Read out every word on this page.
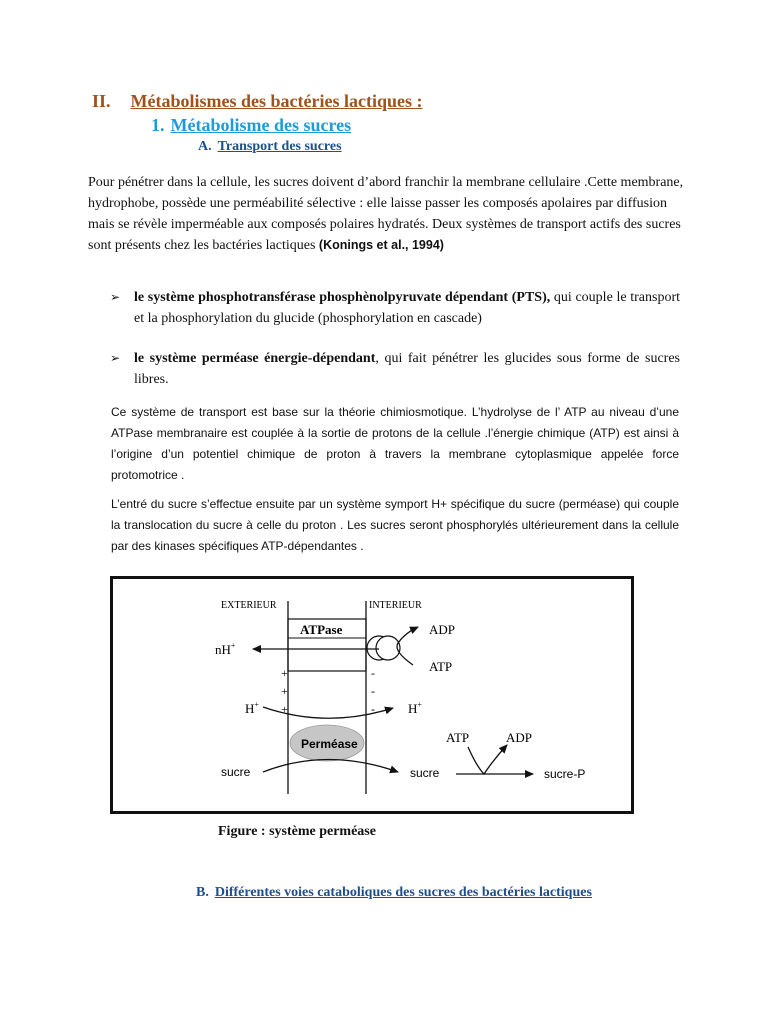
II. Métabolismes des bactéries lactiques :
1. Métabolisme des sucres
A. Transport des sucres
Pour pénétrer dans la cellule, les sucres doivent d’abord franchir la membrane cellulaire .Cette membrane, hydrophobe, possède une perméabilité sélective : elle laisse passer les composés apolaires par diffusion mais se révèle imperméable aux composés polaires hydratés. Deux systèmes de transport actifs des sucres sont présents chez les bactéries lactiques (Konings et al., 1994)
➢ le système phosphotransférase phosphènolpyruvate dépendant (PTS), qui couple le transport et la phosphorylation du glucide (phosphorylation en cascade)
➢ le système perméase énergie-dépendant, qui fait pénétrer les glucides sous forme de sucres libres.
Ce système de transport est base sur la théorie chimiosmotique. L’hydrolyse de l’ ATP au niveau d’une ATPase membranaire est couplée à la sortie de protons de la cellule .l’énergie chimique (ATP) est ainsi à l’origine d’un potentiel chimique de proton à travers la membrane cytoplasmique appelée force protomotrice .
L’entré du sucre s’effectue ensuite par un système symport H+ spécifique du sucre (perméase) qui couple la translocation du sucre à celle du proton . Les sucres seront phosphorylés ultérieurement dans la cellule par des kinases spécifiques ATP-dépendantes .
EXTERIEUR	INTERIEUR
ATPase
nH+
ADP
ATP
+
+
+
-
-
-
H+	H+
Perméase
sucre	sucre
ATP	ADP
sucre-P
Figure : système perméase
B. Différentes voies cataboliques des sucres des bactéries lactiques
